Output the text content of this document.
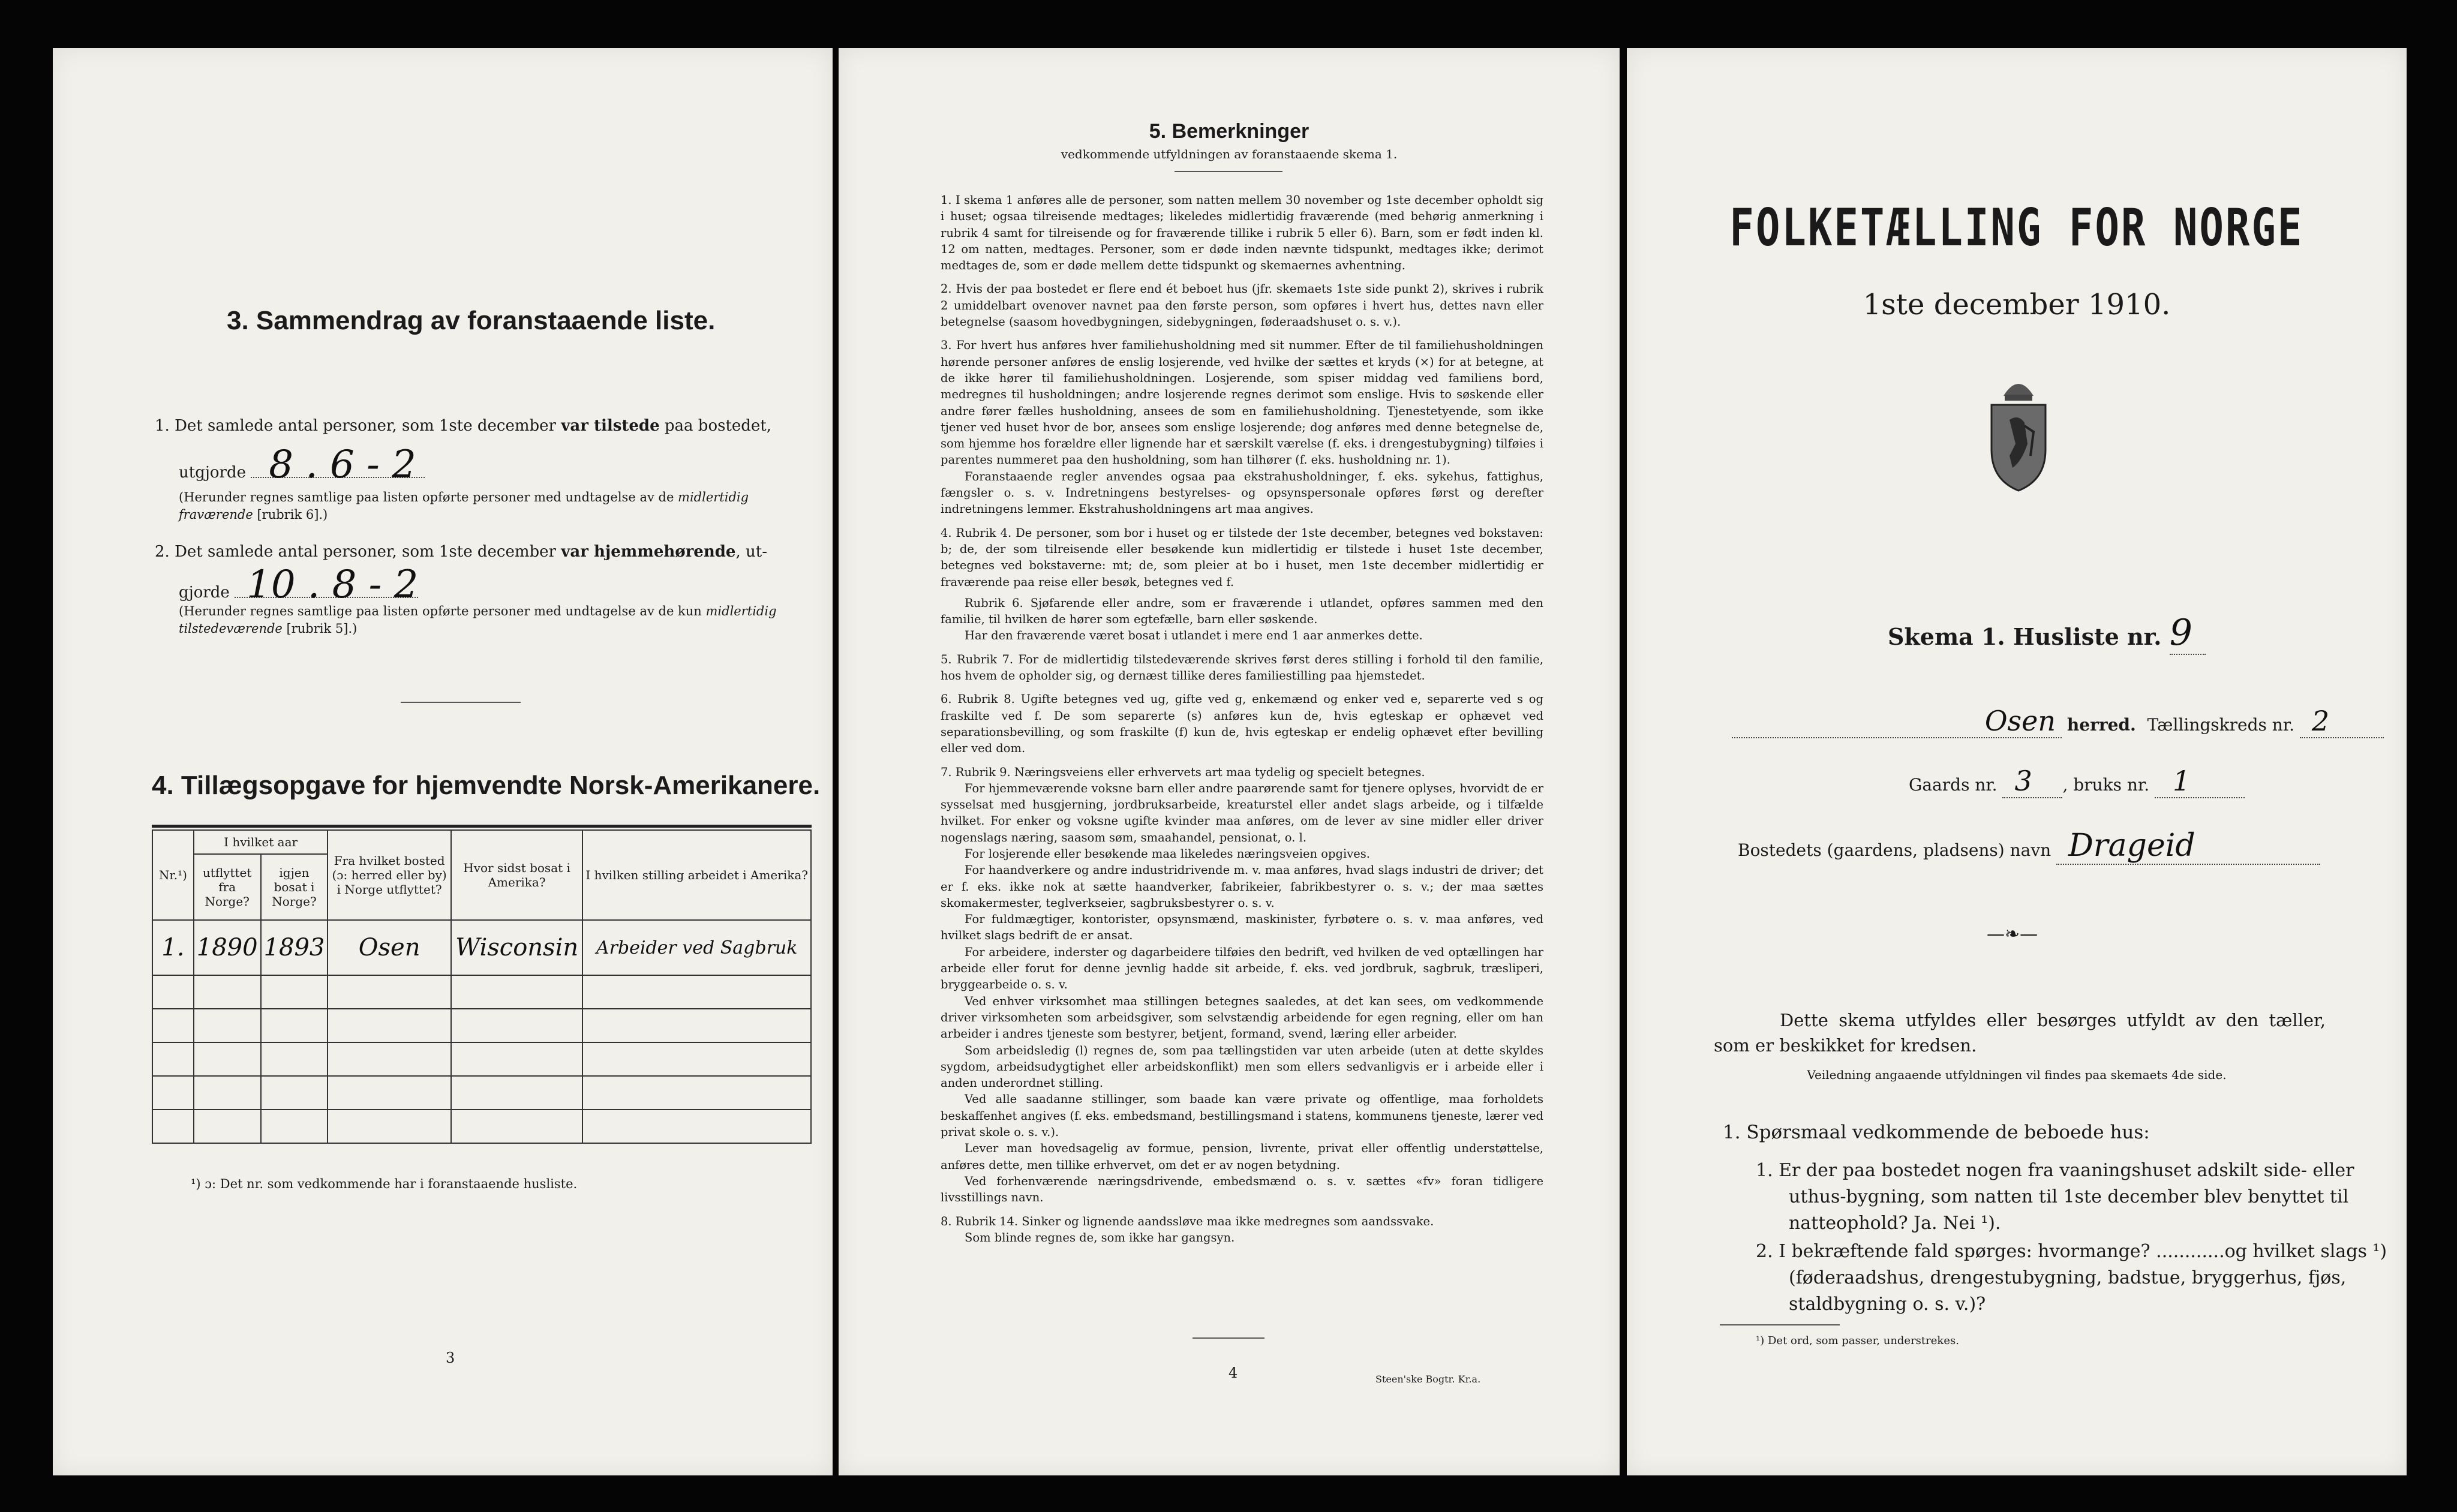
3. Sammendrag av foranstaaende liste.
1. Det samlede antal personer, som 1ste december var tilstede paa bostedet,
utgjorde 8 . 6 - 2
(Herunder regnes samtlige paa listen opførte personer med undtagelse av de midlertidig fraværende [rubrik 6].)
2. Det samlede antal personer, som 1ste december var hjemmehørende, ut-
gjorde 10 . 8 - 2
(Herunder regnes samtlige paa listen opførte personer med undtagelse av de kun midlertidig tilstedeværende [rubrik 5].)
4. Tillægsopgave for hjemvendte Norsk-Amerikanere.
Nr.¹)	I hvilket aar		Fra hvilket bosted (ɔ: herred eller by) i Norge utflyttet?	Hvor sidst bosat i Amerika?	I hvilken stilling arbeidet i Amerika?
	utflyttet fra Norge?	igjen bosat i Norge?			
1.	1890	1893	Osen	Wisconsin	Arbeider ved Sagbruk

¹) ɔ: Det nr. som vedkommende har i foranstaaende husliste.
3
5. Bemerkninger
vedkommende utfyldningen av foranstaaende skema 1.

1. I skema 1 anføres alle de personer, som natten mellem 30 november og 1ste december opholdt sig i huset; ogsaa tilreisende medtages; likeledes midlertidig fraværende (med behørig anmerkning i rubrik 4 samt for tilreisende og for fraværende tillike i rubrik 5 eller 6). Barn, som er født inden kl. 12 om natten, medtages. Personer, som er døde inden nævnte tidspunkt, medtages ikke; derimot medtages de, som er døde mellem dette tidspunkt og skemaernes avhentning.

2. Hvis der paa bostedet er flere end ét beboet hus (jfr. skemaets 1ste side punkt 2), skrives i rubrik 2 umiddelbart ovenover navnet paa den første person, som opføres i hvert hus, dettes navn eller betegnelse (saasom hovedbygningen, sidebygningen, føderaadshuset o. s. v.).

3. For hvert hus anføres hver familiehusholdning med sit nummer. Efter de til familiehusholdningen hørende personer anføres de enslig losjerende, ved hvilke der sættes et kryds (×) for at betegne, at de ikke hører til familiehusholdningen. Losjerende, som spiser middag ved familiens bord, medregnes til husholdningen; andre losjerende regnes derimot som enslige. Hvis to søskende eller andre fører fælles husholdning, ansees de som en familiehusholdning. Tjenestetyende, som ikke tjener ved huset hvor de bor, ansees som enslige losjerende; dog anføres med denne betegnelse de, som hjemme hos forældre eller lignende har et særskilt værelse (f. eks. i drengestubygning) tilføies i parentes nummeret paa den husholdning, som han tilhører (f. eks. husholdning nr. 1).

Foranstaaende regler anvendes ogsaa paa ekstrahusholdninger, f. eks. sykehus, fattighus, fængsler o. s. v. Indretningens bestyrelses- og opsynspersonale opføres først og derefter indretningens lemmer. Ekstrahusholdningens art maa angives.

4. Rubrik 4. De personer, som bor i huset og er tilstede der 1ste december, betegnes ved bokstaven: b; de, der som tilreisende eller besøkende kun midlertidig er tilstede i huset 1ste december, betegnes ved bokstaverne: mt; de, som pleier at bo i huset, men 1ste december midlertidig er fraværende paa reise eller besøk, betegnes ved f.

Rubrik 6. Sjøfarende eller andre, som er fraværende i utlandet, opføres sammen med den familie, til hvilken de hører som egtefælle, barn eller søskende.

Har den fraværende været bosat i utlandet i mere end 1 aar anmerkes dette.

5. Rubrik 7. For de midlertidig tilstedeværende skrives først deres stilling i forhold til den familie, hos hvem de opholder sig, og dernæst tillike deres familiestilling paa hjemstedet.

6. Rubrik 8. Ugifte betegnes ved ug, gifte ved g, enkemænd og enker ved e, separerte ved s og fraskilte ved f. De som separerte (s) anføres kun de, hvis egteskap er ophævet ved separationsbevilling, og som fraskilte (f) kun de, hvis egteskap er endelig ophævet efter bevilling eller ved dom.

7. Rubrik 9. Næringsveiens eller erhvervets art maa tydelig og specielt betegnes.

For hjemmeværende voksne barn eller andre paarørende samt for tjenere oplyses, hvorvidt de er sysselsat med husgjerning, jordbruksarbeide, kreaturstel eller andet slags arbeide, og i tilfælde hvilket. For enker og voksne ugifte kvinder maa anføres, om de lever av sine midler eller driver nogenslags næring, saasom søm, smaahandel, pensionat, o. l.

For losjerende eller besøkende maa likeledes næringsveien opgives.

For haandverkere og andre industridrivende m. v. maa anføres, hvad slags industri de driver; det er f. eks. ikke nok at sætte haandverker, fabrikeier, fabrikbestyrer o. s. v.; der maa sættes skomakermester, teglverkseier, sagbruksbestyrer o. s. v.

For fuldmægtiger, kontorister, opsynsmænd, maskinister, fyrbøtere o. s. v. maa anføres, ved hvilket slags bedrift de er ansat.

For arbeidere, inderster og dagarbeidere tilføies den bedrift, ved hvilken de ved optællingen har arbeide eller forut for denne jevnlig hadde sit arbeide, f. eks. ved jordbruk, sagbruk, træsliperi, bryggearbeide o. s. v.

Ved enhver virksomhet maa stillingen betegnes saaledes, at det kan sees, om vedkommende driver virksomheten som arbeidsgiver, som selvstændig arbeidende for egen regning, eller om han arbeider i andres tjeneste som bestyrer, betjent, formand, svend, læring eller arbeider.

Som arbeidsledig (l) regnes de, som paa tællingstiden var uten arbeide (uten at dette skyldes sygdom, arbeidsudygtighet eller arbeidskonflikt) men som ellers sedvanligvis er i arbeide eller i anden underordnet stilling.

Ved alle saadanne stillinger, som baade kan være private og offentlige, maa forholdets beskaffenhet angives (f. eks. embedsmand, bestillingsmand i statens, kommunens tjeneste, lærer ved privat skole o. s. v.).

Lever man hovedsagelig av formue, pension, livrente, privat eller offentlig understøttelse, anføres dette, men tillike erhvervet, om det er av nogen betydning.

Ved forhenværende næringsdrivende, embedsmænd o. s. v. sættes «fv» foran tidligere livsstillings navn.

8. Rubrik 14. Sinker og lignende aandssløve maa ikke medregnes som aandssvake.

Som blinde regnes de, som ikke har gangsyn.

4	Steen'ske Bogtr. Kr.a.
FOLKETÆLLING FOR NORGE
1ste december 1910.
Skema 1. Husliste nr. 9
Osen herred. Tællingskreds nr. 2
Gaards nr. 3 , bruks nr. 1
Bostedets (gaardens, pladsens) navn Drageid
—❧—
Dette skema utfyldes eller besørges utfyldt av den tæller, som er beskikket for kredsen.
Veiledning angaaende utfyldningen vil findes paa skemaets 4de side.
1. Spørsmaal vedkommende de beboede hus:
1. Er der paa bostedet nogen fra vaaningshuset adskilt side- eller uthus-bygning, som natten til 1ste december blev benyttet til natteophold? Ja. Nei ¹).
2. I bekræftende fald spørges: hvormange? ............og hvilket slags ¹) (føderaadshus, drengestubygning, badstue, bryggerhus, fjøs, staldbygning o. s. v.)?
¹) Det ord, som passer, understrekes.
